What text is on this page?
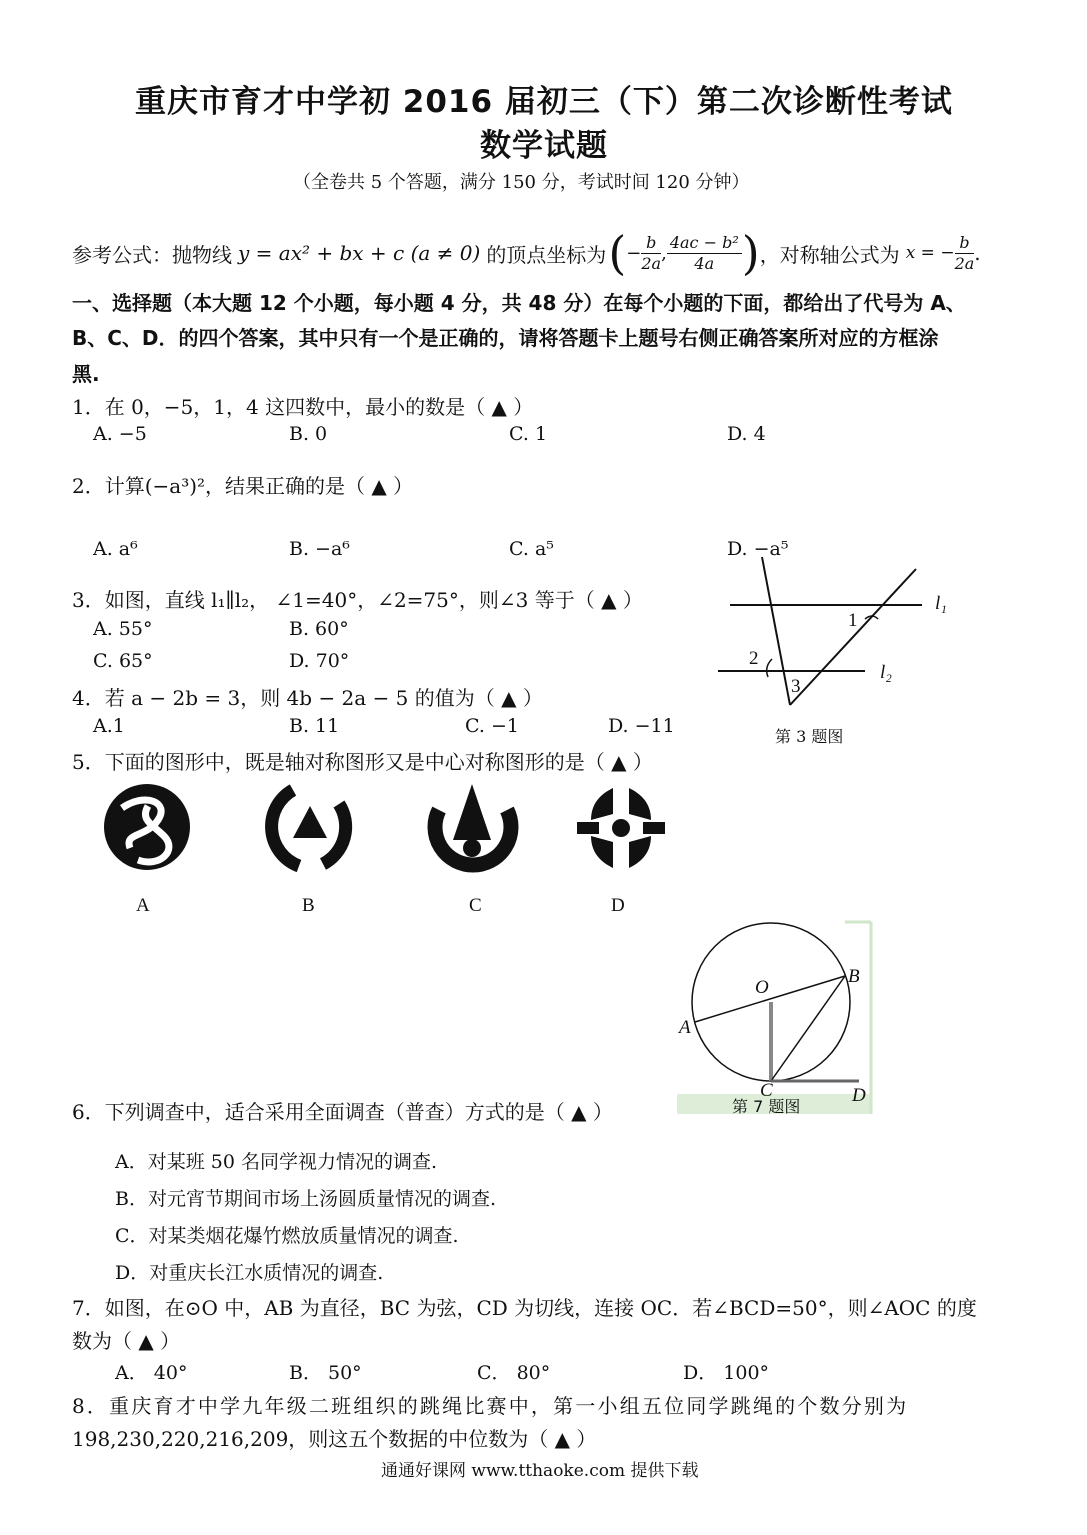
重庆市育才中学初 2016 届初三（下）第二次诊断性考试
数学试题
（全卷共 5 个答题，满分 150 分，考试时间 120 分钟）
参考公式：抛物线 y = ax² + bx + c (a ≠ 0) 的顶点坐标为 ( − $\frac{b}{2a}$ , $\frac{\text{4ac − b²}}{4a}$ ) ，对称轴公式为 x = − $\frac{b}{2a}$ .
一、选择题（本大题 12 个小题，每小题 4 分，共 48 分）在每个小题的下面，都给出了代号为 A、
B、C、D．的四个答案，其中只有一个是正确的，请将答题卡上题号右侧正确答案所对应的方框涂
黑.
1．在 0，−5，1，4 这四数中，最小的数是（ ▲ ）
A. −5	B. 0	C. 1	D. 4
2．计算(−a³)²，结果正确的是（ ▲ ）
A. a⁶	B. −a⁶	C. a⁵	D. −a⁵
3．如图，直线 l₁∥l₂， ∠1=40°，∠2=75°，则∠3 等于（ ▲ ）
A. 55°	B. 60°
C. 65°	D. 70°
4．若 a − 2b = 3，则 4b − 2a − 5 的值为（ ▲ ）
A.1	B. 11	C. −1	D. −11
l₁
l₂
1
2
3
第 3 题图
5．下面的图形中，既是轴对称图形又是中心对称图形的是（ ▲ ）
A	B	C	D
O
A
B
C	D
第 7 题图
6．下列调查中，适合采用全面调查（普查）方式的是（ ▲ ）
A．对某班 50 名同学视力情况的调查.
B．对元宵节期间市场上汤圆质量情况的调查.
C．对某类烟花爆竹燃放质量情况的调查.
D．对重庆长江水质情况的调查.
7．如图，在⊙O 中，AB 为直径，BC 为弦，CD 为切线，连接 OC．若∠BCD=50°，则∠AOC 的度
数为（ ▲ ）
A． 40°	B． 50°	C． 80°	D． 100°
8．重庆育才中学九年级二班组织的跳绳比赛中，第一小组五位同学跳绳的个数分别为
198,230,220,216,209，则这五个数据的中位数为（ ▲ ）
通通好课网 www.tthaoke.com 提供下载
